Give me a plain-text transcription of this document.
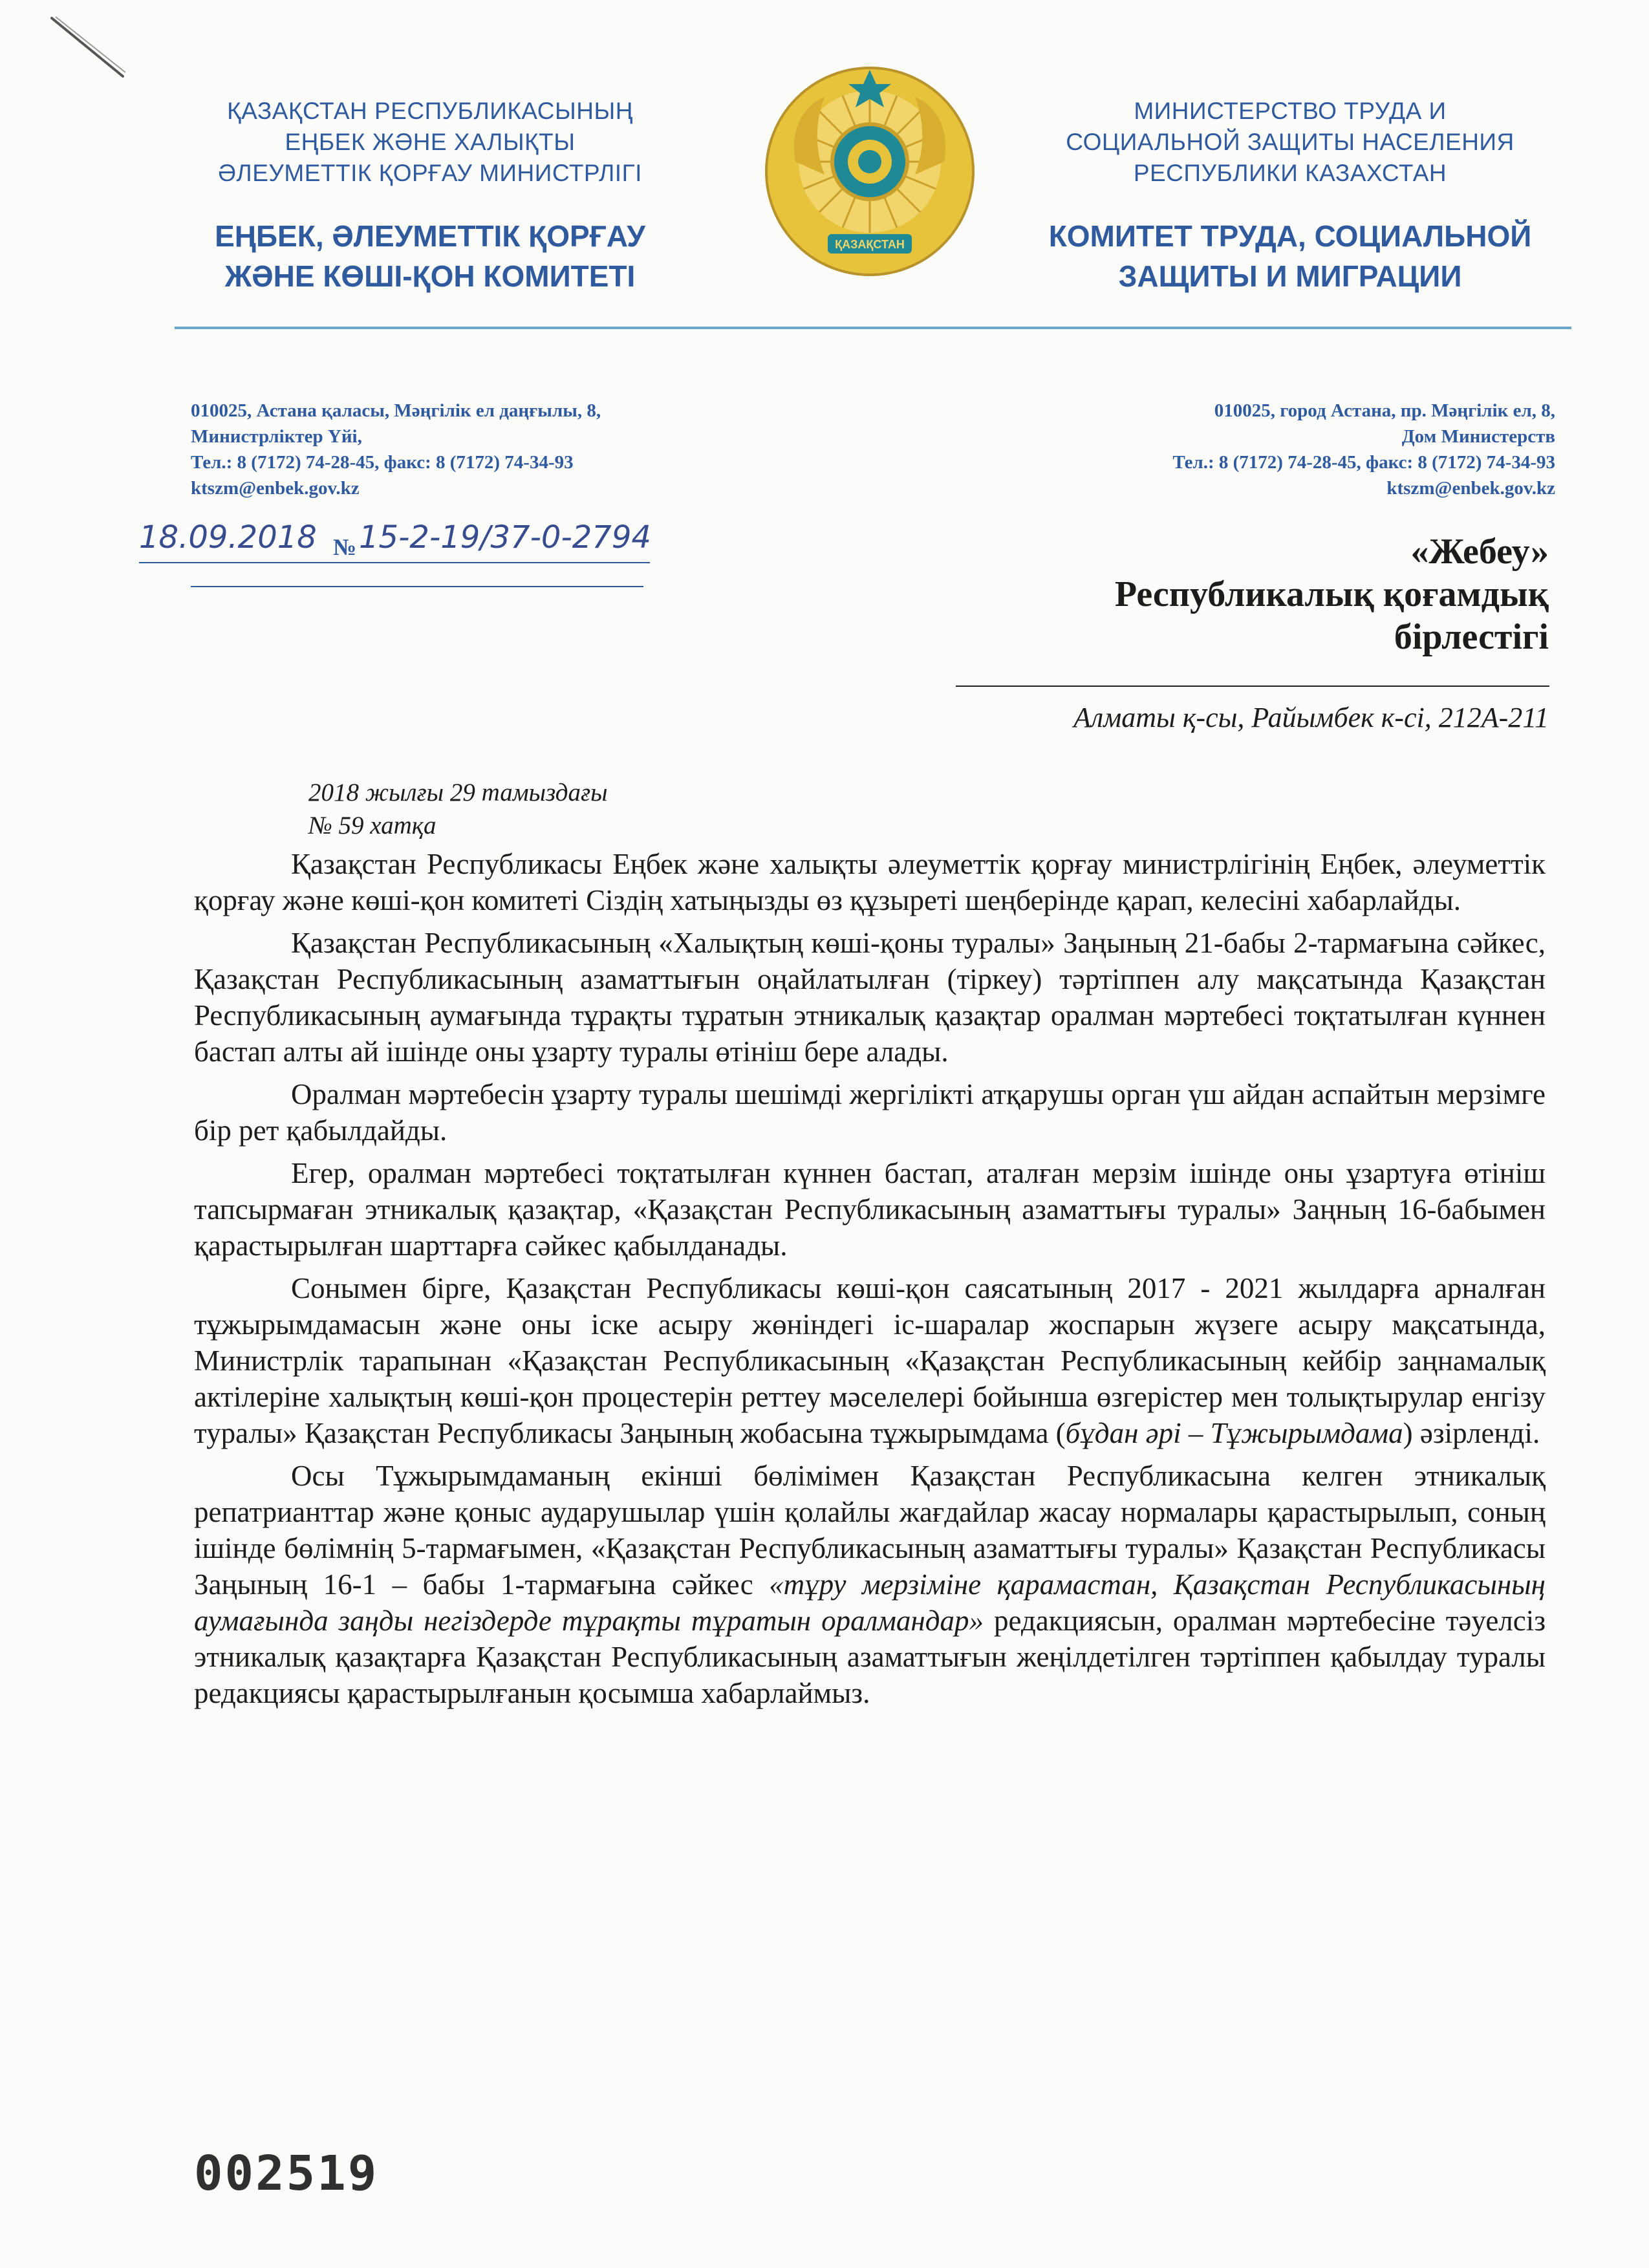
ҚАЗАҚСТАН РЕСПУБЛИКАСЫНЫҢ
ЕҢБЕК ЖӘНЕ ХАЛЫҚТЫ
ӘЛЕУМЕТТІК ҚОРҒАУ МИНИСТРЛІГІ
ЕҢБЕК, ӘЛЕУМЕТТІК ҚОРҒАУ
ЖӘНЕ КӨШІ-ҚОН КОМИТЕТІ
ҚАЗАҚСТАН
МИНИСТЕРСТВО ТРУДА И
СОЦИАЛЬНОЙ ЗАЩИТЫ НАСЕЛЕНИЯ
РЕСПУБЛИКИ КАЗАХСТАН
КОМИТЕТ ТРУДА, СОЦИАЛЬНОЙ
ЗАЩИТЫ И МИГРАЦИИ
010025, Астана қаласы, Мәңгілік ел даңғылы, 8,
Министрліктер Үйі,
Тел.: 8 (7172) 74-28-45, факс: 8 (7172) 74-34-93
ktszm@enbek.gov.kz
010025, город Астана, пр. Мәңгілік ел, 8,
Дом Министерств
Тел.: 8 (7172) 74-28-45, факс: 8 (7172) 74-34-93
ktszm@enbek.gov.kz
18.09.2018 № 15-2-19/37-0-2794	«Жебеу»
Республикалық қоғамдық
бірлестігі
Алматы қ-сы, Райымбек к-сі, 212А-211
2018 жылғы 29 тамыздағы
№ 59 хатқа

Қазақстан Республикасы Еңбек және халықты әлеуметтік қорғау министрлігінің Еңбек, әлеуметтік қорғау және көші-қон комитеті Сіздің хатыңызды өз құзыреті шеңберінде қарап, келесіні хабарлайды.

Қазақстан Республикасының «Халықтың көші-қоны туралы» Заңының 21-бабы 2-тармағына сәйкес, Қазақстан Республикасының азаматтығын оңайлатылған (тіркеу) тәртіппен алу мақсатында Қазақстан Республикасының аумағында тұрақты тұратын этникалық қазақтар оралман мәртебесі тоқтатылған күннен бастап алты ай ішінде оны ұзарту туралы өтініш бере алады.

Оралман мәртебесін ұзарту туралы шешімді жергілікті атқарушы орган үш айдан аспайтын мерзімге бір рет қабылдайды.

Егер, оралман мәртебесі тоқтатылған күннен бастап, аталған мерзім ішінде оны ұзартуға өтініш тапсырмаған этникалық қазақтар, «Қазақстан Республикасының азаматтығы туралы» Заңның 16-бабымен қарастырылған шарттарға сәйкес қабылданады.

Сонымен бірге, Қазақстан Республикасы көші-қон саясатының 2017 - 2021 жылдарға арналған тұжырымдамасын және оны іске асыру жөніндегі іс-шаралар жоспарын жүзеге асыру мақсатында, Министрлік тарапынан «Қазақстан Республикасының «Қазақстан Республикасының кейбір заңнамалық актілеріне халықтың көші-қон процестерін реттеу мәселелері бойынша өзгерістер мен толықтырулар енгізу туралы» Қазақстан Республикасы Заңының жобасына тұжырымдама (бұдан әрі – Тұжырымдама) әзірленді.

Осы Тұжырымдаманың екінші бөлімімен Қазақстан Республикасына келген этникалық репатрианттар және қоныс аударушылар үшін қолайлы жағдайлар жасау нормалары қарастырылып, соның ішінде бөлімнің 5-тармағымен, «Қазақстан Республикасының азаматтығы туралы» Қазақстан Республикасы Заңының 16-1 – бабы 1-тармағына сәйкес «тұру мерзіміне қарамастан, Қазақстан Республикасының аумағында заңды негіздерде тұрақты тұратын оралмандар» редакциясын, оралман мәртебесіне тәуелсіз этникалық қазақтарға Қазақстан Республикасының азаматтығын жеңілдетілген тәртіппен қабылдау туралы редакциясы қарастырылғанын қосымша хабарлаймыз.

002519
